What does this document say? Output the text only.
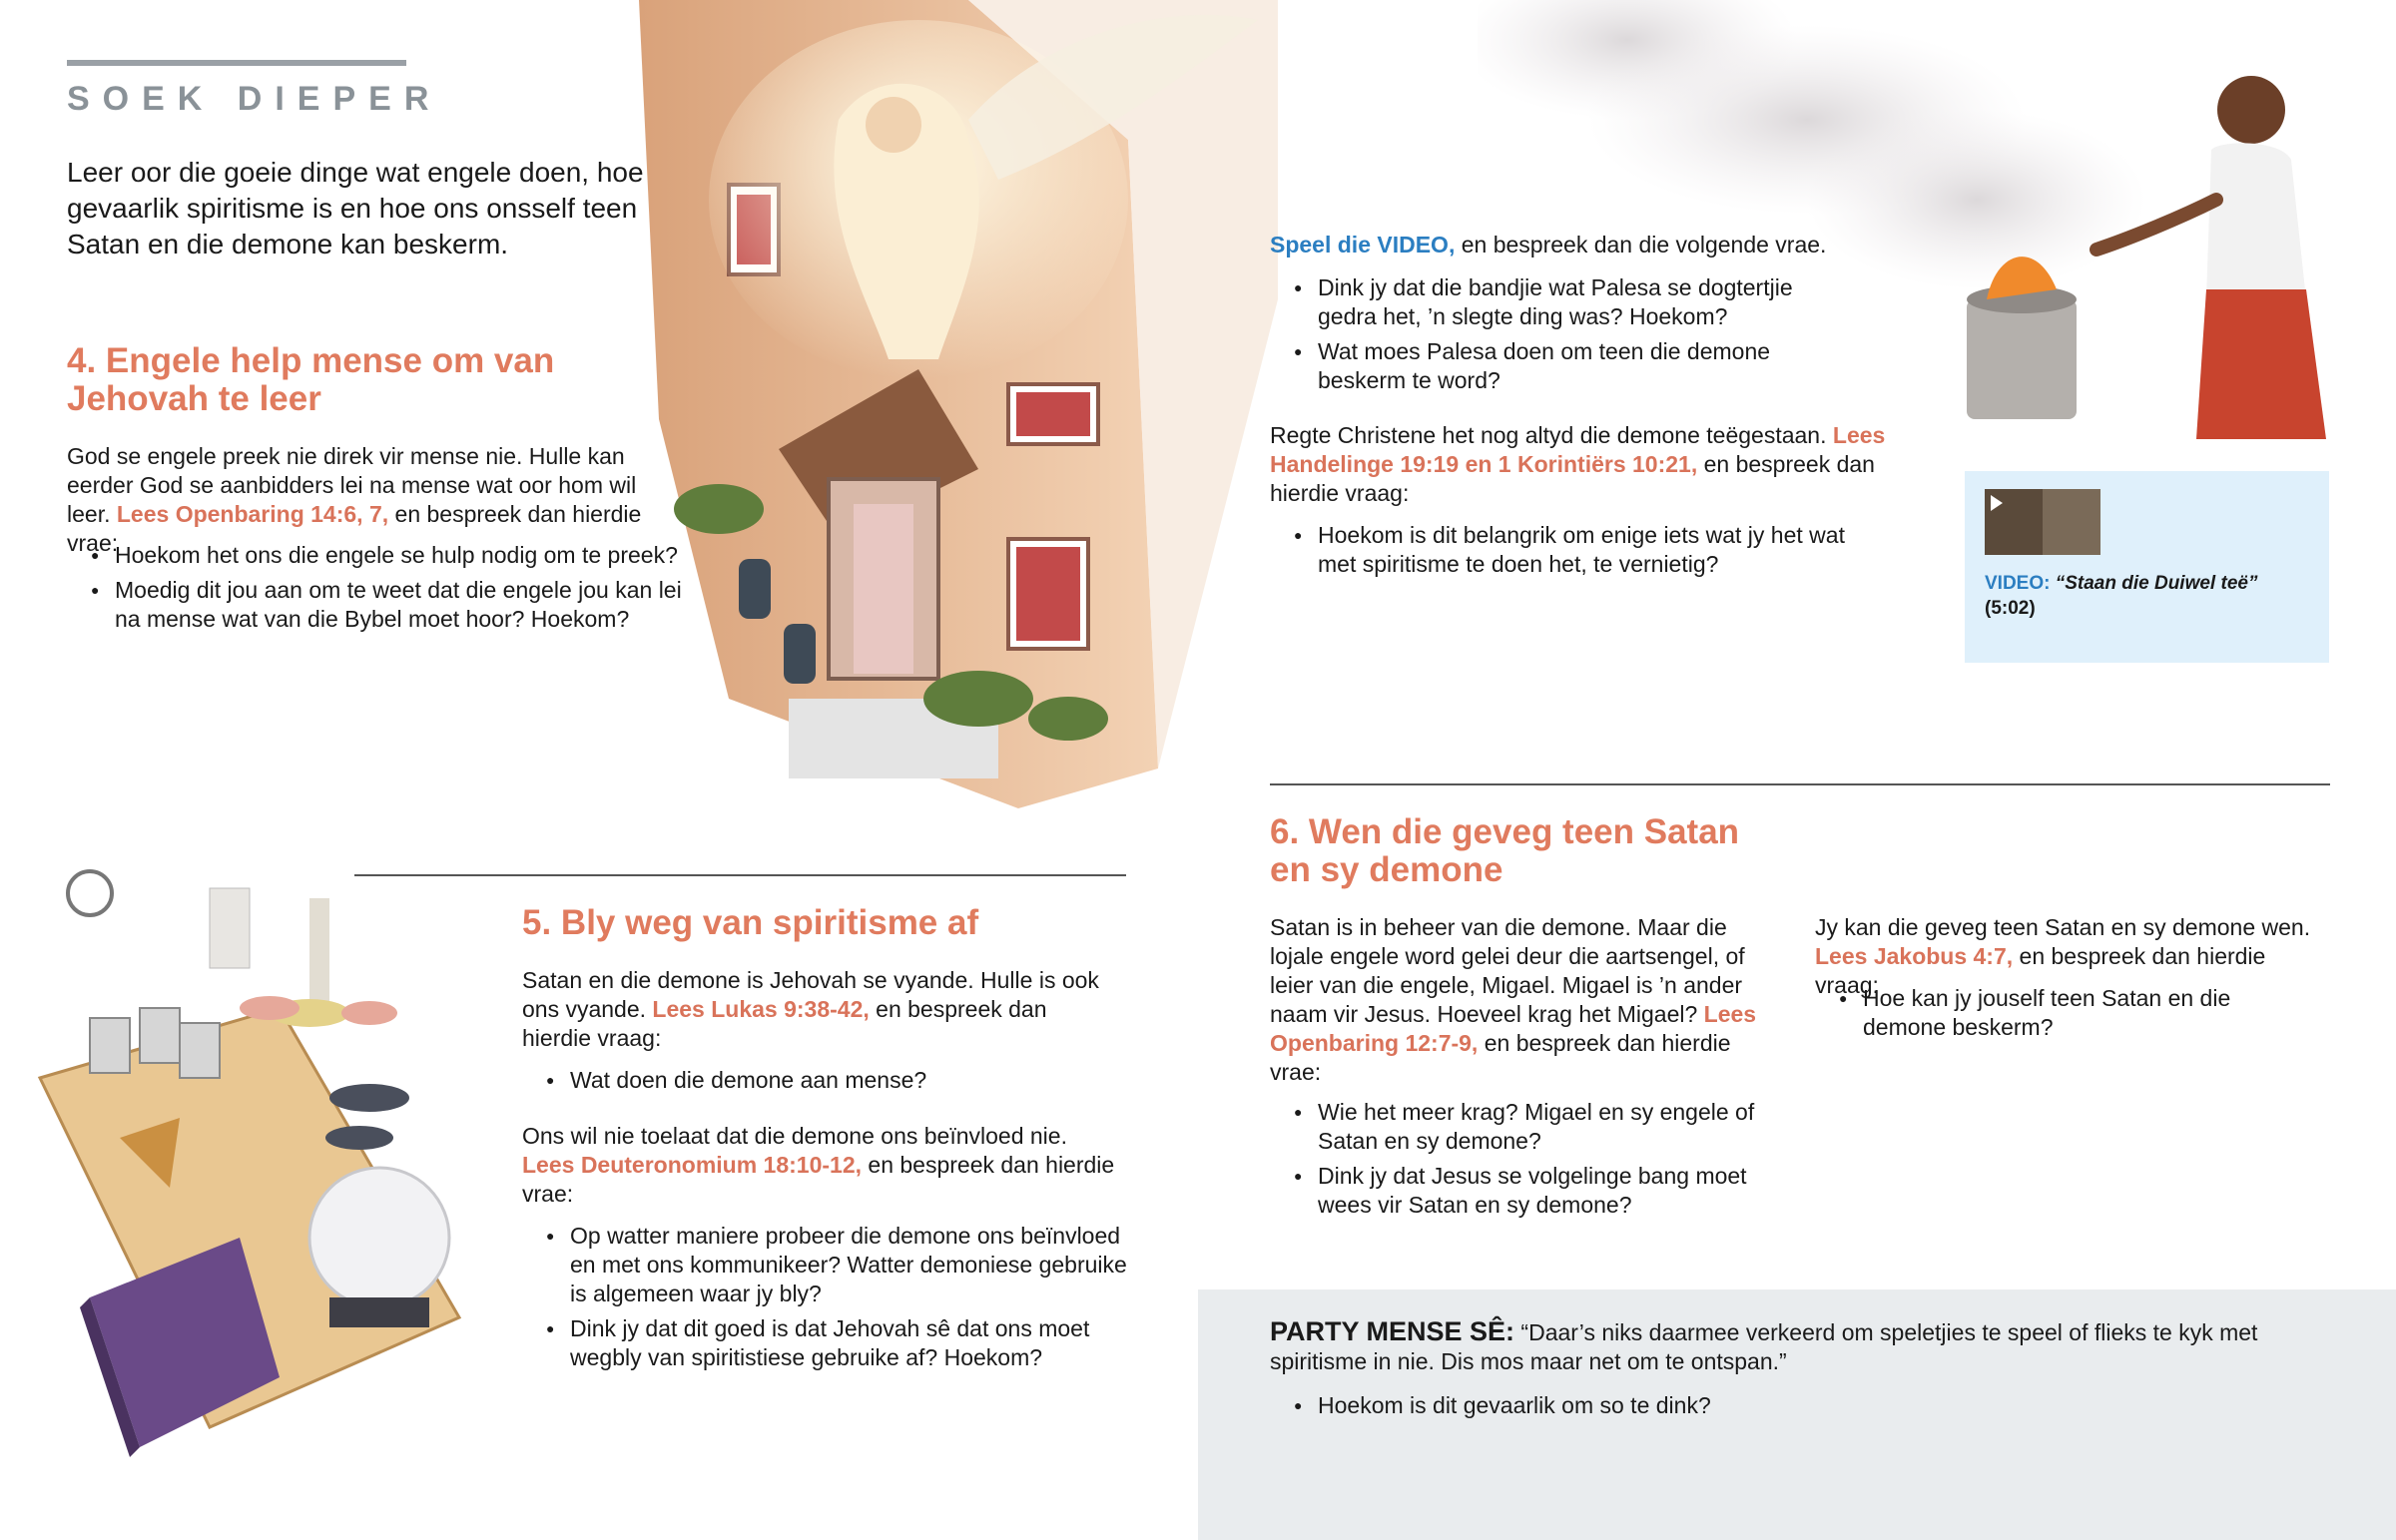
SOEK DIEPER
Leer oor die goeie dinge wat engele doen, hoe gevaarlik spiritisme is en hoe ons onsself teen Satan en die demone kan beskerm.
4. Engele help mense om van Jehovah te leer
God se engele preek nie direk vir mense nie. Hulle kan eerder God se aanbidders lei na mense wat oor hom wil leer. Lees Openbaring 14:6, 7, en bespreek dan hierdie vrae:
● Hoekom het ons die engele se hulp nodig om te preek?
● Moedig dit jou aan om te weet dat die engele jou kan lei na mense wat van die Bybel moet hoor? Hoekom?
Speel die VIDEO, en bespreek dan die volgende vrae.
● Dink jy dat die bandjie wat Palesa se dogtertjie gedra het, ’n slegte ding was? Hoekom?
● Wat moes Palesa doen om teen die demone beskerm te word?
Regte Christene het nog altyd die demone teëgestaan. Lees Handelinge 19:19 en 1 Korintiërs 10:21, en bespreek dan hierdie vraag:
● Hoekom is dit belangrik om enige iets wat jy het wat met spiritisme te doen het, te vernietig?
VIDEO: “Staan die Duiwel teë”
(5:02)
5. Bly weg van spiritisme af
Satan en die demone is Jehovah se vyande. Hulle is ook ons vyande. Lees Lukas 9:38-42, en bespreek dan hierdie vraag:
● Wat doen die demone aan mense?
Ons wil nie toelaat dat die demone ons beïnvloed nie. Lees Deuteronomium 18:10-12, en bespreek dan hierdie vrae:
● Op watter maniere probeer die demone ons beïnvloed en met ons kommunikeer? Watter demoniese gebruike is algemeen waar jy bly?
● Dink jy dat dit goed is dat Jehovah sê dat ons moet wegbly van spiritistiese gebruike af? Hoekom?
6. Wen die geveg teen Satan en sy demone
Satan is in beheer van die demone. Maar die lojale engele word gelei deur die aartsengel, of leier van die engele, Migael. Migael is ’n ander naam vir Jesus. Hoeveel krag het Migael? Lees Openbaring 12:7-9, en bespreek dan hierdie vrae:
● Wie het meer krag? Migael en sy engele of Satan en sy demone?
● Dink jy dat Jesus se volgelinge bang moet wees vir Satan en sy demone?
Jy kan die geveg teen Satan en sy demone wen. Lees Jakobus 4:7, en bespreek dan hierdie vraag:
● Hoe kan jy jouself teen Satan en die demone beskerm?
PARTY MENSE SÊ: “Daar’s niks daarmee verkeerd om speletjies te speel of flieks te kyk met spiritisme in nie. Dis mos maar net om te ontspan.”
● Hoekom is dit gevaarlik om so te dink?
